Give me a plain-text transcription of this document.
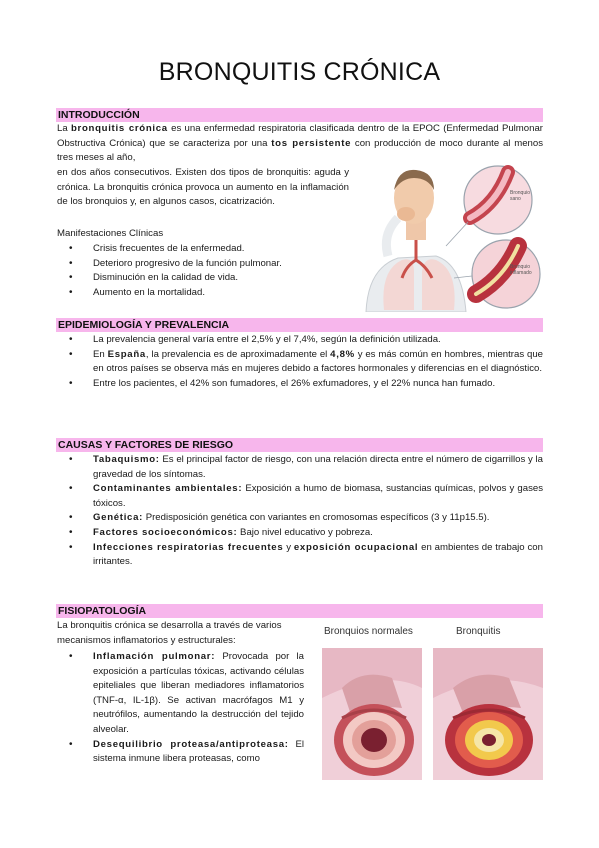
BRONQUITIS CRÓNICA
INTRODUCCIÓN
La bronquitis crónica es una enfermedad respiratoria clasificada dentro de la EPOC (Enfermedad Pulmonar Obstructiva Crónica) que se caracteriza por una tos persistente con producción de moco durante al menos tres meses al año,
en dos años consecutivos. Existen dos tipos de bronquitis: aguda y crónica. La bronquitis crónica provoca un aumento en la inflamación de los bronquios y, en algunos casos, cicatrización.
Manifestaciones Clínicas
• Crisis frecuentes de la enfermedad.
• Deterioro progresivo de la función pulmonar.
• Disminución en la calidad de vida.
• Aumento en la mortalidad.
Bronquio sano
Bronquio inflamado
EPIDEMIOLOGÍA Y PREVALENCIA
• La prevalencia general varía entre el 2,5% y el 7,4%, según la definición utilizada.
• En España, la prevalencia es de aproximadamente el 4,8% y es más común en hombres, mientras que en otros países se observa más en mujeres debido a factores hormonales y diferencias en el diagnóstico.
• Entre los pacientes, el 42% son fumadores, el 26% exfumadores, y el 22% nunca han fumado.
CAUSAS Y FACTORES DE RIESGO
• Tabaquismo: Es el principal factor de riesgo, con una relación directa entre el número de cigarrillos y la gravedad de los síntomas.
• Contaminantes ambientales: Exposición a humo de biomasa, sustancias químicas, polvos y gases tóxicos.
• Genética: Predisposición genética con variantes en cromosomas específicos (3 y 11p15.5).
• Factores socioeconómicos: Bajo nivel educativo y pobreza.
• Infecciones respiratorias frecuentes y exposición ocupacional en ambientes de trabajo con irritantes.
FISIOPATOLOGÍA
La bronquitis crónica se desarrolla a través de varios mecanismos inflamatorios y estructurales:
• Inflamación pulmonar: Provocada por la exposición a partículas tóxicas, activando células epiteliales que liberan mediadores inflamatorios (TNF-α, IL-1β). Se activan macrófagos M1 y neutrófilos, aumentando la destrucción del tejido alveolar.
• Desequilibrio proteasa/antiproteasa: El sistema inmune libera proteasas, como
Bronquios normales	Bronquitis
